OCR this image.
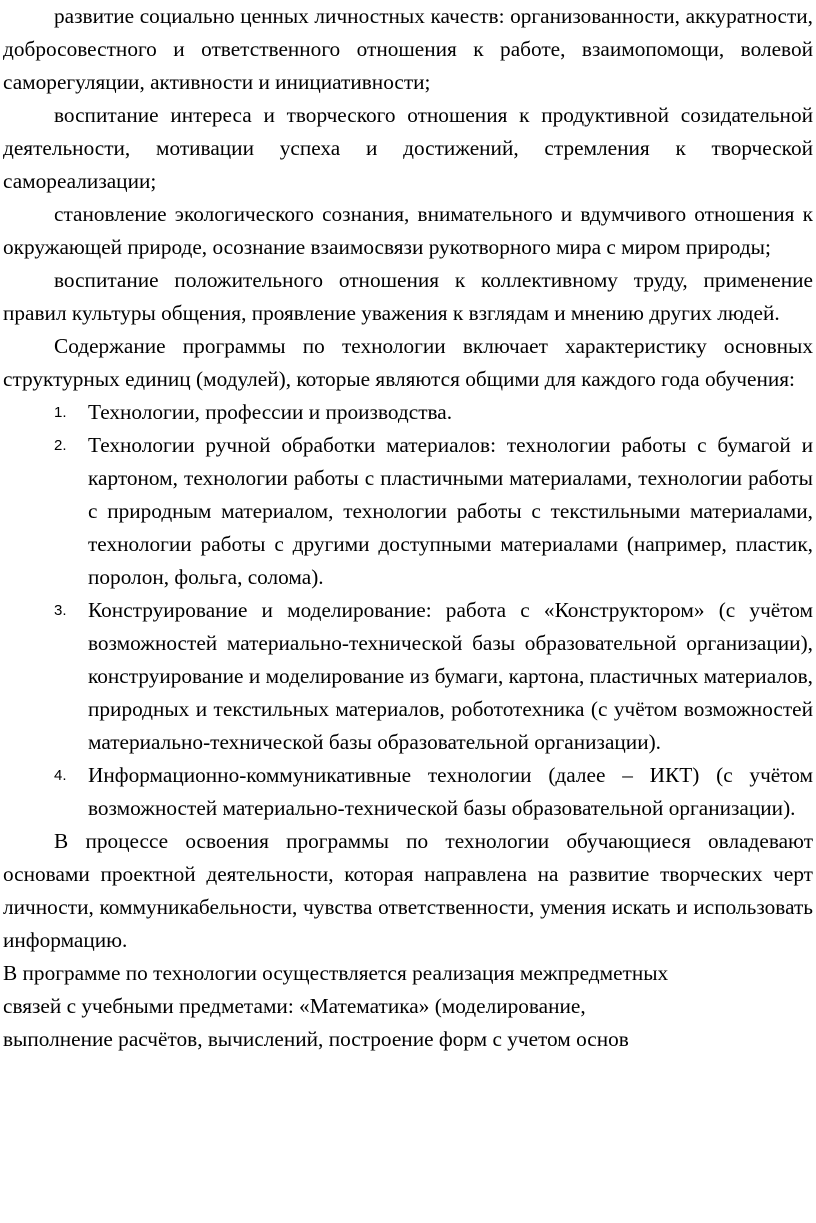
развитие социально ценных личностных качеств: организованности, аккуратности, добросовестного и ответственного отношения к работе, взаимопомощи, волевой саморегуляции, активности и инициативности;

воспитание интереса и творческого отношения к продуктивной созидательной деятельности, мотивации успеха и достижений, стремления к творческой самореализации;

становление экологического сознания, внимательного и вдумчивого отношения к окружающей природе, осознание взаимосвязи рукотворного мира с миром природы;

воспитание положительного отношения к коллективному труду, применение правил культуры общения, проявление уважения к взглядам и мнению других людей.

Содержание программы по технологии включает характеристику основных структурных единиц (модулей), которые являются общими для каждого года обучения:

1. Технологии, профессии и производства.
2. Технологии ручной обработки материалов: технологии работы с бумагой и картоном, технологии работы с пластичными материалами, технологии работы с природным материалом, технологии работы с текстильными материалами, технологии работы с другими доступными материалами (например, пластик, поролон, фольга, солома).
3. Конструирование и моделирование: работа с «Конструктором» (с учётом возможностей материально-технической базы образовательной организации), конструирование и моделирование из бумаги, картона, пластичных материалов, природных и текстильных материалов, робототехника (с учётом возможностей материально-технической базы образовательной организации).
4. Информационно-коммуникативные технологии (далее – ИКТ) (с учётом возможностей материально-технической базы образовательной организации).

В процессе освоения программы по технологии обучающиеся овладевают основами проектной деятельности, которая направлена на развитие творческих черт личности, коммуникабельности, чувства ответственности, умения искать и использовать информацию.

В программе по технологии осуществляется реализация межпредметных
связей с учебными предметами: «Математика» (моделирование,
выполнение расчётов, вычислений, построение форм с учетом основ
